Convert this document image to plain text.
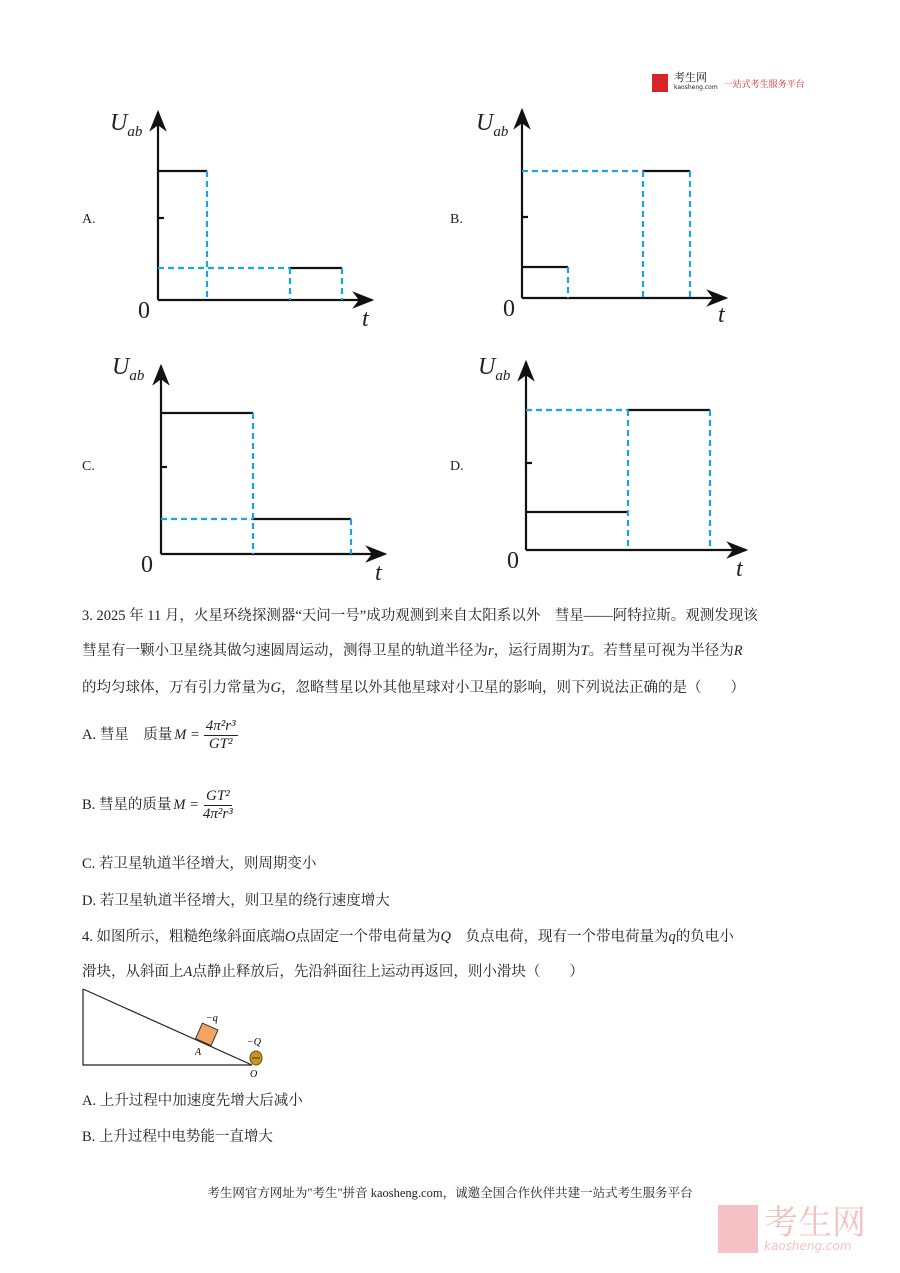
考生网
kaosheng.com 一站式考生服务平台
$U_{ab}$
0	t
A.
$U_{ab}$
0	t
B.
$U_{ab}$
0	t
C.
$U_{ab}$
0	t
D.
3. 2025 年 11 月，火星环绕探测器“天问一号”成功观测到来自太阳系以外　彗星——阿特拉斯。观测发现该
彗星有一颗小卫星绕其做匀速圆周运动，测得卫星的轨道半径为r，运行周期为T。若彗星可视为半径为R
的均匀球体，万有引力常量为G，忽略彗星以外其他星球对小卫星的影响，则下列说法正确的是（　　）
A. 彗星　质量 $M = \frac{\text{4π²r³}}{\text{GT²}}$
B. 彗星的质量 $M = \frac{\text{GT²}}{\text{4π²r³}}$
C. 若卫星轨道半径增大，则周期变小
D. 若卫星轨道半径增大，则卫星的绕行速度增大
4. 如图所示，粗糙绝缘斜面底端O点固定一个带电荷量为Q　负点电荷，现有一个带电荷量为q的负电小
滑块，从斜面上A点静止释放后，先沿斜面往上运动再返回，则小滑块（　　）
−q
A
−Q
O
A. 上升过程中加速度先增大后减小
B. 上升过程中电势能一直增大
考生网官方网址为"考生"拼音 kaosheng.com，诚邀全国合作伙伴共建一站式考生服务平台
考生网
kaosheng.com
